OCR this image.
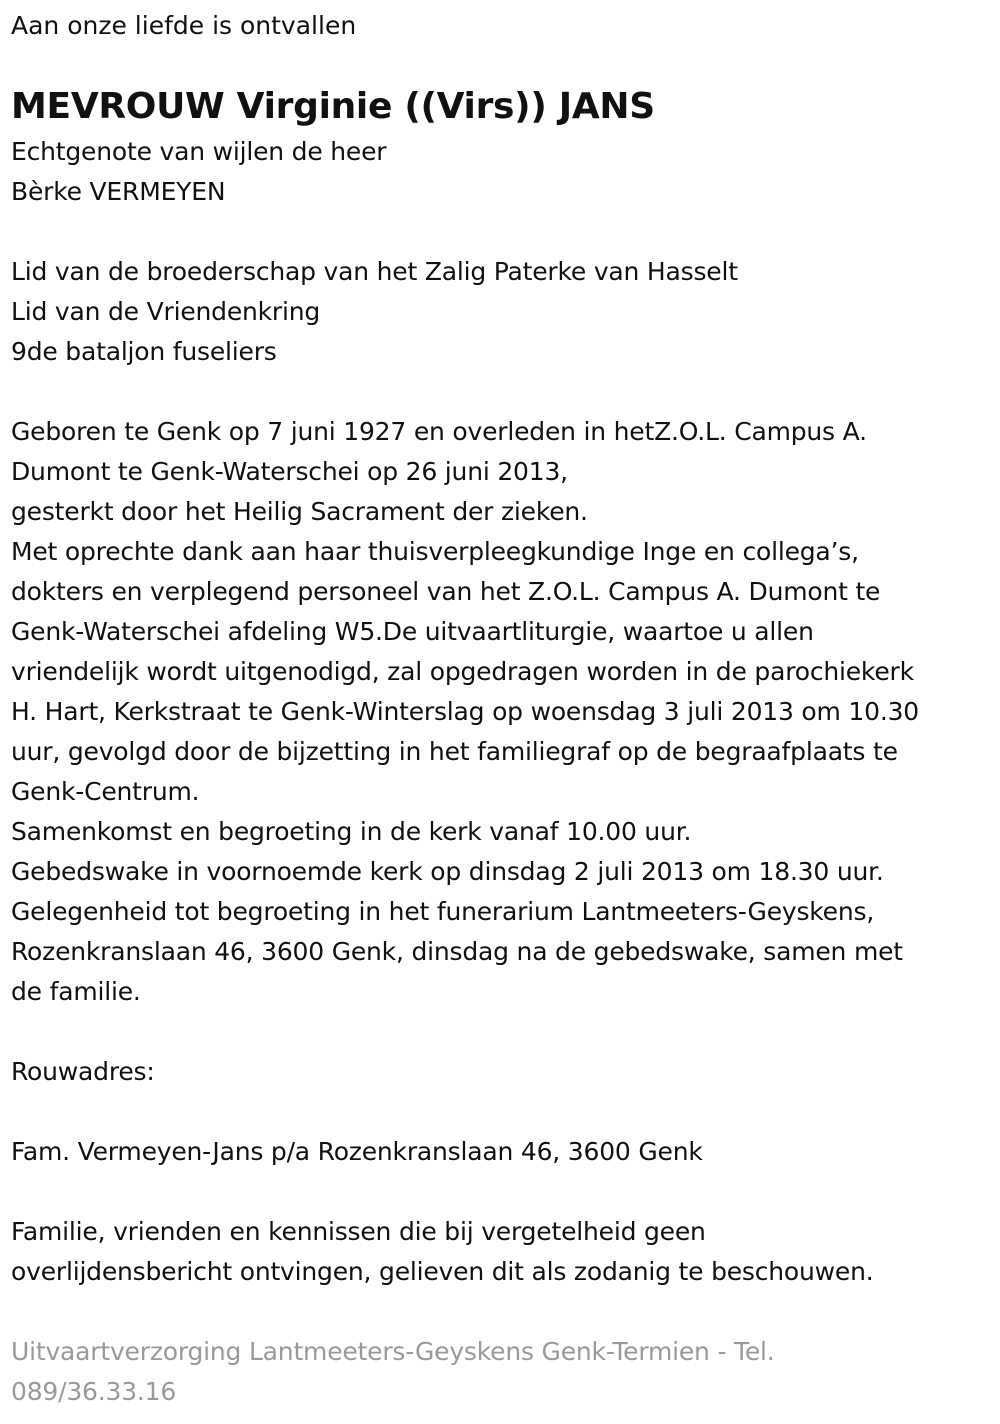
Aan onze liefde is ontvallen
MEVROUW Virginie ((Virs)) JANS
Echtgenote van wijlen de heer
Bèrke VERMEYEN
Lid van de broederschap van het Zalig Paterke van Hasselt
Lid van de Vriendenkring
9de bataljon fuseliers
Geboren te Genk op 7 juni 1927 en overleden in hetZ.O.L. Campus A.
Dumont te Genk-Waterschei op 26 juni 2013,
gesterkt door het Heilig Sacrament der zieken.
Met oprechte dank aan haar thuisverpleegkundige Inge en collega’s,
dokters en verplegend personeel van het Z.O.L. Campus A. Dumont te
Genk-Waterschei afdeling W5.De uitvaartliturgie, waartoe u allen
vriendelijk wordt uitgenodigd, zal opgedragen worden in de parochiekerk
H. Hart, Kerkstraat te Genk-Winterslag op woensdag 3 juli 2013 om 10.30
uur, gevolgd door de bijzetting in het familiegraf op de begraafplaats te
Genk-Centrum.
Samenkomst en begroeting in de kerk vanaf 10.00 uur.
Gebedswake in voornoemde kerk op dinsdag 2 juli 2013 om 18.30 uur.
Gelegenheid tot begroeting in het funerarium Lantmeeters-Geyskens,
Rozenkranslaan 46, 3600 Genk, dinsdag na de gebedswake, samen met
de familie.
Rouwadres:
Fam. Vermeyen-Jans p/a Rozenkranslaan 46, 3600 Genk
Familie, vrienden en kennissen die bij vergetelheid geen
overlijdensbericht ontvingen, gelieven dit als zodanig te beschouwen.
Uitvaartverzorging Lantmeeters-Geyskens Genk-Termien - Tel.
089/36.33.16
